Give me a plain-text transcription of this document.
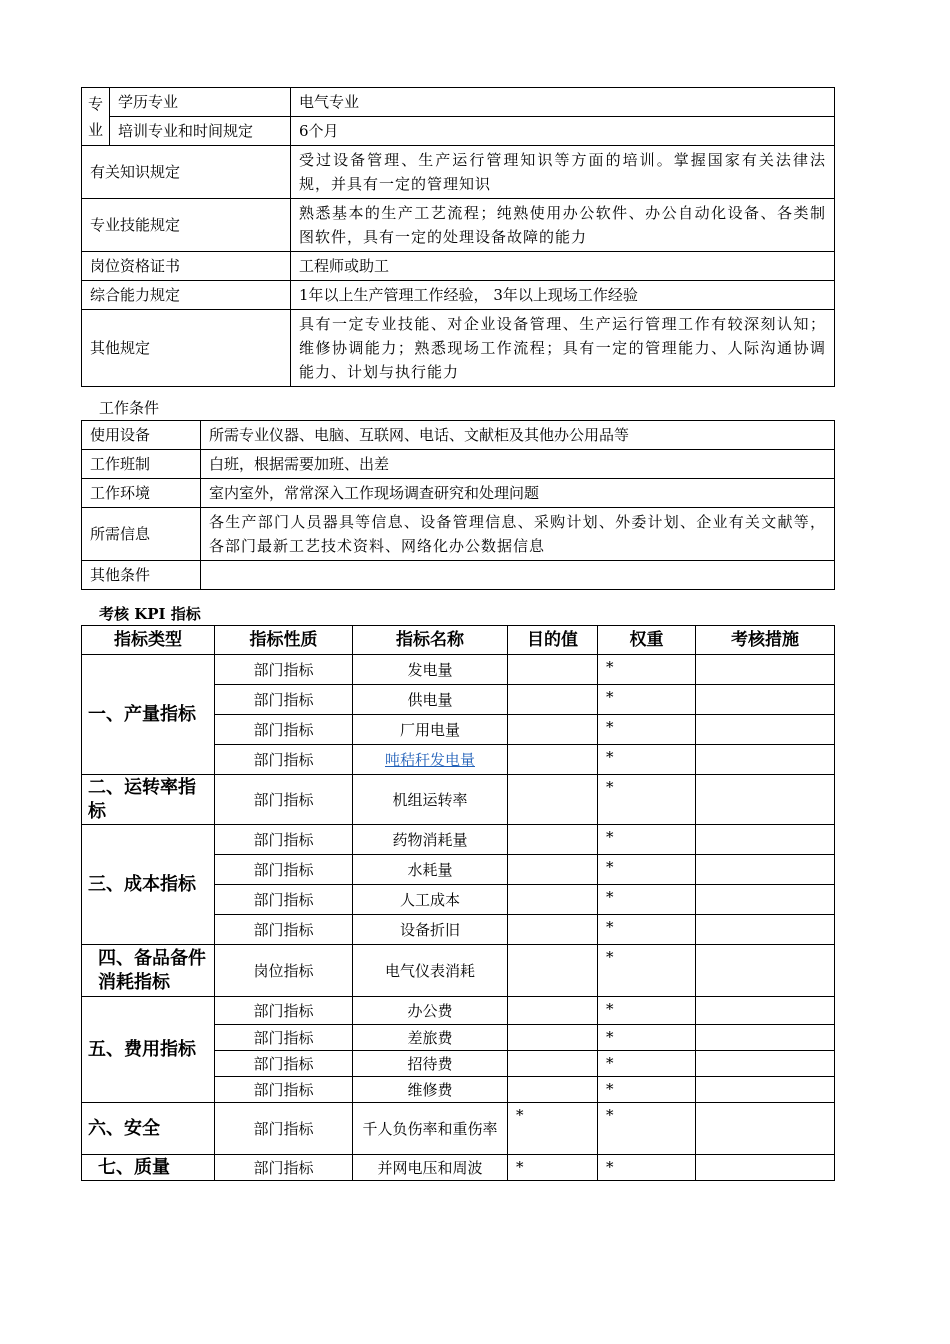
专业	学历专业	电气专业
	培训专业和时间规定	6个月
有关知识规定		受过设备管理、生产运行管理知识等方面的培训。掌握国家有关法律法规，并具有一定的管理知识
专业技能规定		熟悉基本的生产工艺流程；纯熟使用办公软件、办公自动化设备、各类制图软件，具有一定的处理设备故障的能力
岗位资格证书		工程师或助工
综合能力规定		1年以上生产管理工作经验， 3年以上现场工作经验
其他规定		具有一定专业技能、对企业设备管理、生产运行管理工作有较深刻认知；维修协调能力；熟悉现场工作流程；具有一定的管理能力、人际沟通协调能力、计划与执行能力
工作条件
使用设备	所需专业仪器、电脑、互联网、电话、文献柜及其他办公用品等
工作班制	白班，根据需要加班、出差
工作环境	室内室外，常常深入工作现场调查研究和处理问题
所需信息	各生产部门人员器具等信息、设备管理信息、采购计划、外委计划、企业有关文献等，各部门最新工艺技术资料、网络化办公数据信息
其他条件	
考核 KPI 指标
指标类型	指标性质	指标名称	目的值	权重	考核措施
一、产量指标	部门指标	发电量		*	
	部门指标	供电量		*	
	部门指标	厂用电量		*	
	部门指标	吨秸秆发电量		*	
二、运转率指标	部门指标	机组运转率		*	
三、成本指标	部门指标	药物消耗量		*	
	部门指标	水耗量		*	
	部门指标	人工成本		*	
	部门指标	设备折旧		*	
四、备品备件消耗指标	岗位指标	电气仪表消耗		*	
五、费用指标	部门指标	办公费		*	
	部门指标	差旅费		*	
	部门指标	招待费		*	
	部门指标	维修费		*	
六、安全	部门指标	千人负伤率和重伤率	*	*	
七、质量	部门指标	并网电压和周波	*	*	
